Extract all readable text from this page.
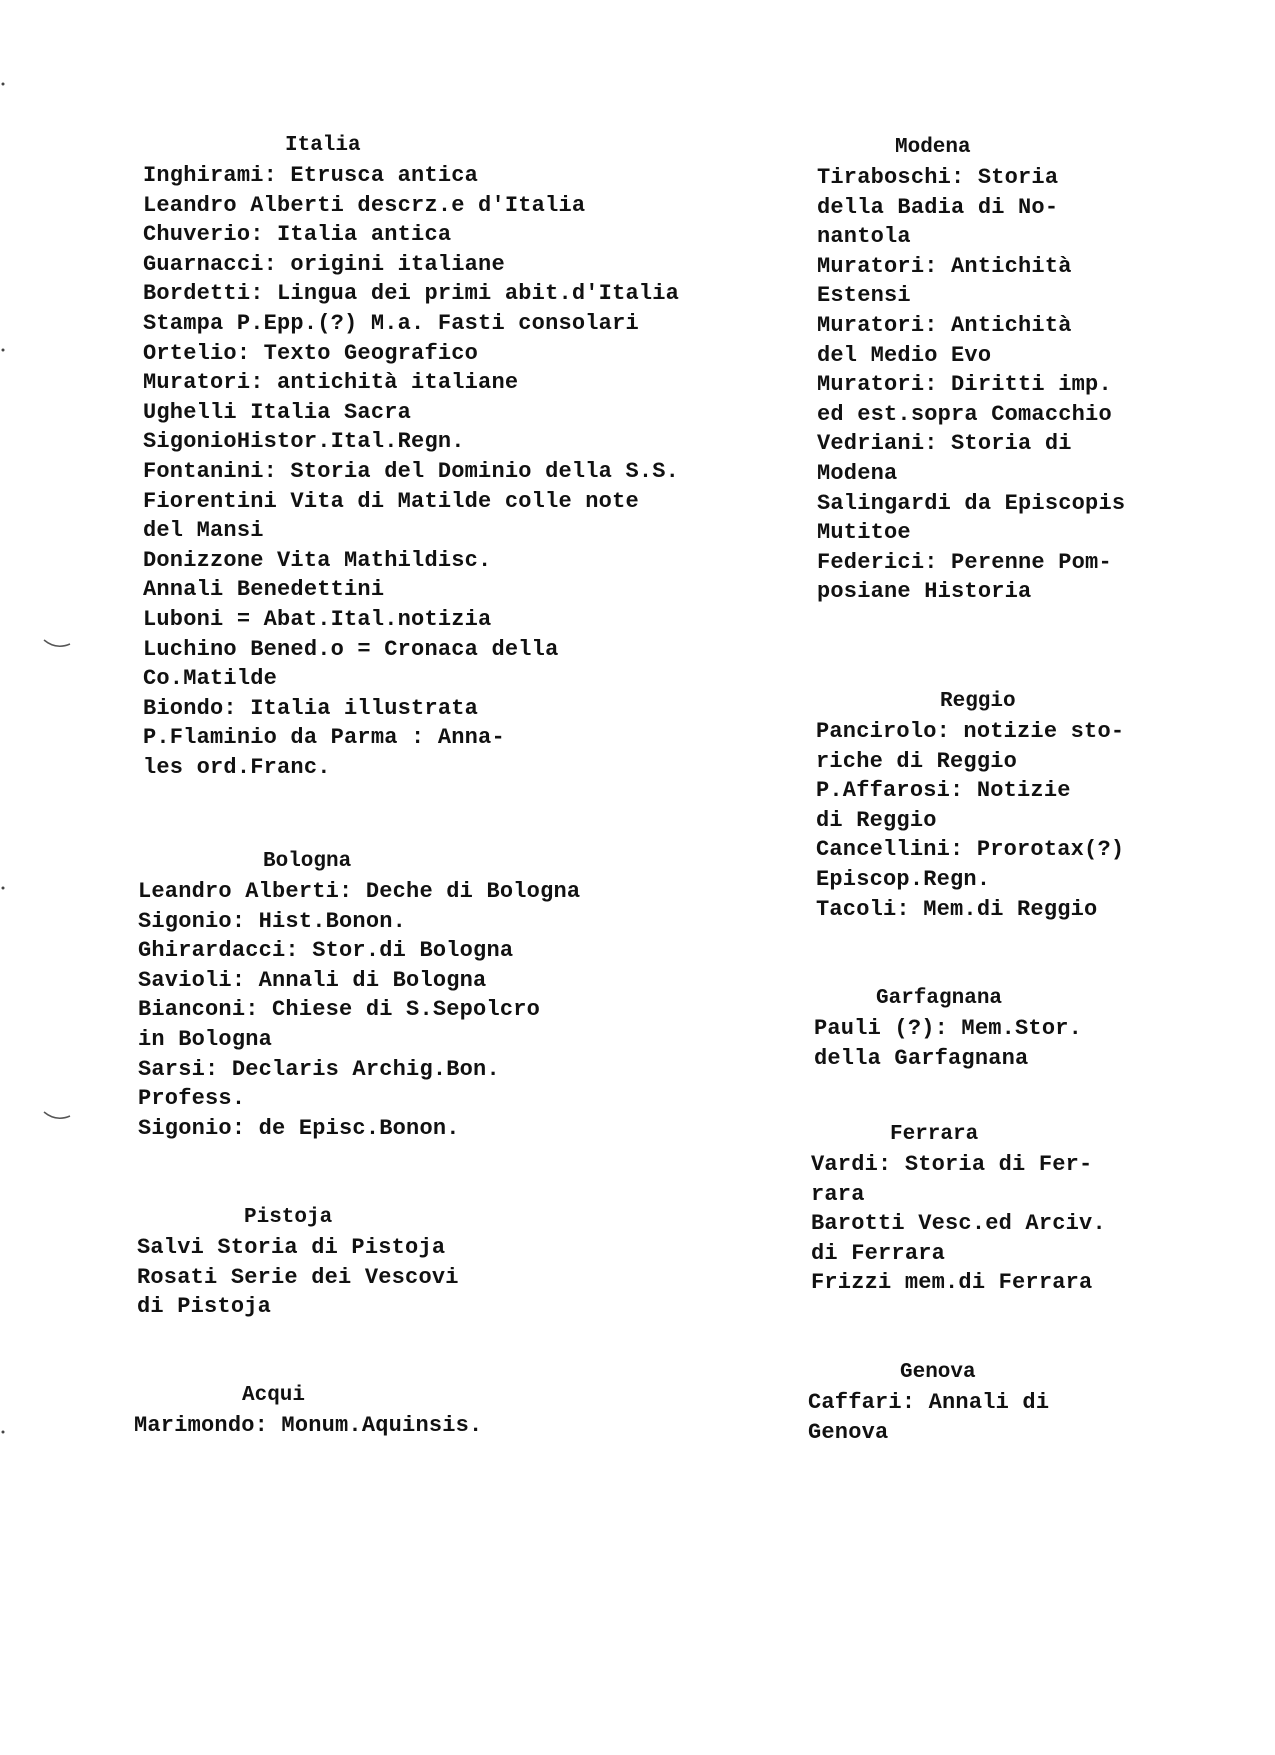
Italia
Inghirami: Etrusca antica
Leandro Alberti descrz.e d'Italia
Chuverio: Italia antica
Guarnacci: origini italiane
Bordetti: Lingua dei primi abit.d'Italia
Stampa P.Epp.(?) M.a. Fasti consolari
Ortelio: Texto Geografico
Muratori: antichità italiane
Ughelli Italia Sacra
SigonioHistor.Ital.Regn.
Fontanini: Storia del Dominio della S.S.
Fiorentini Vita di Matilde colle note
del Mansi
Donizzone Vita Mathildisc.
Annali Benedettini
Luboni = Abat.Ital.notizia
Luchino Bened.o = Cronaca della
Co.Matilde
Biondo: Italia illustrata
P.Flaminio da Parma : Anna-
les ord.Franc.
Bologna
Leandro Alberti: Deche di Bologna
Sigonio: Hist.Bonon.
Ghirardacci: Stor.di Bologna
Savioli: Annali di Bologna
Bianconi: Chiese di S.Sepolcro
in Bologna
Sarsi: Declaris Archig.Bon.
Profess.
Sigonio: de Episc.Bonon.
Pistoja
Salvi Storia di Pistoja
Rosati Serie dei Vescovi
di Pistoja
Acqui
Marimondo: Monum.Aquinsis.
Modena
Tiraboschi: Storia
della Badia di No-
nantola
Muratori: Antichità
Estensi
Muratori: Antichità
del Medio Evo
Muratori: Diritti imp.
ed est.sopra Comacchio
Vedriani: Storia di
Modena
Salingardi da Episcopis
Mutitoe
Federici: Perenne Pom-
posiane Historia
Reggio
Pancirolo: notizie sto-
riche di Reggio
P.Affarosi: Notizie
di Reggio
Cancellini: Prorotax(?)
Episcop.Regn.
Tacoli: Mem.di Reggio
Garfagnana
Pauli (?): Mem.Stor.
della Garfagnana
Ferrara
Vardi: Storia di Fer-
rara
Barotti Vesc.ed Arciv.
di Ferrara
Frizzi mem.di Ferrara
Genova
Caffari: Annali di
Genova
